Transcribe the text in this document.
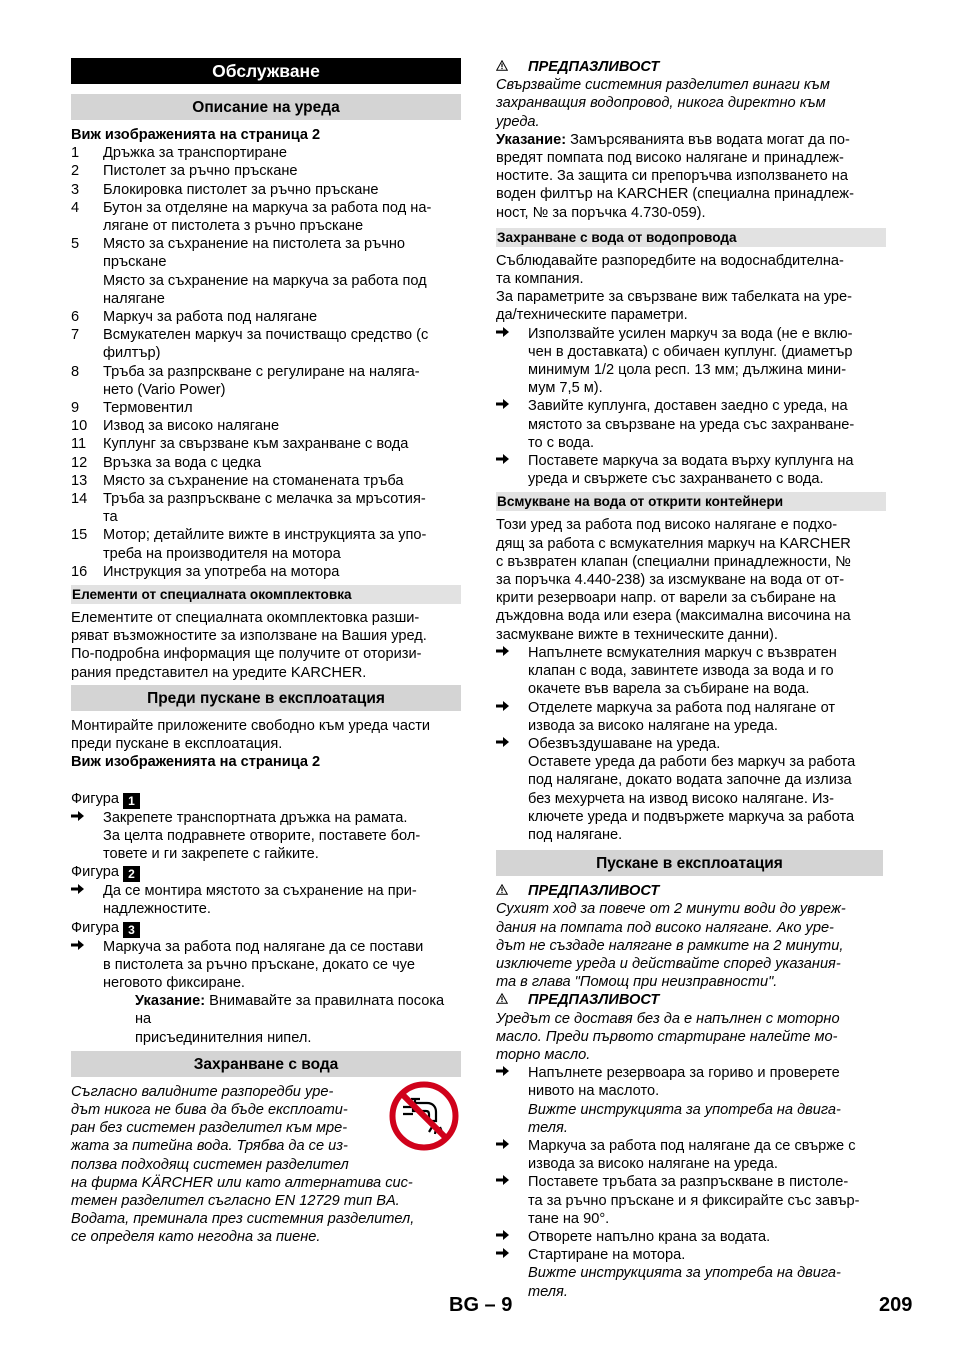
Обслужване
Описание на уреда
Виж изображенията на страница 2
1	Дръжка за транспортиране
2	Пистолет за ръчно пръскане
3	Блокировка пистолет за ръчно пръскане
4	Бутон за отделяне на маркуча за работа под на-
лягане от пистолета з ръчно пръскане
5	Място за съхранение на пистолета за ръчно
пръскане
Място за съхранение на маркуча за работа под
налягане
6	Маркуч за работа под налягане
7	Всмукателен маркуч за почистващо средство (с
филтър)
8	Тръба за разпрскване с регулиране на наляга-
нето (Vario Power)
9	Термовентил
10	Извод за високо налягане
11	Куплунг за свързване към захранване с вода
12	Връзка за вода с цедка
13	Място за съхранение на стоманената тръба
14	Тръба за разпръскване с мелачка за мръсотия-
та
15	Мотор; детайлите вижте в инструкцията за упо-
треба на производителя на мотора
16	Инструкция за употреба на мотора
Елементи от специалната окомплектовка
Елементите от специалната окомплектовка разши-
ряват възможностите за използване на Вашия уред.
По-подробна информация ще получите от оторизи-
рания представител на уредите KARCHER.
Преди пускане в експлоатация
Монтирайте приложените свободно към уреда части
преди пускане в експлоатация.
Виж изображенията на страница 2
Фигура 1
Закрепете транспортната дръжка на рамата.
За целта подравнете отворите, поставете бол-
товете и ги закрепете с гайките.
Фигура 2
Да се монтира мястото за съхранение на при-
надлежностите.
Фигура 3
Маркуча за работа под налягане да се постави
в пистолета за ръчно пръскане, докато се чуе
неговото фиксиране.
Указание: Внимавайте за правилната посока на
присъединителния нипел.
Захранване с вода
Съгласно валидните разпоредби уре-
дът никога не бива да бъде експлоати-
ран без системен разделител към мре-
жата за питейна вода. Трябва да се из-
ползва подходящ системен разделител
на фирма KÄRCHER или като алтернатива сис-
темен разделител съгласно EN 12729 тип BA.
Водата, преминала през системния разделител,
се определя като негодна за пиене.
ПРЕДПАЗЛИВОСТ
Свързвайте системния разделител винаги към
захранващия водопровод, никога директно към
уреда.
Указание: Замърсяванията във водата могат да по-
вредят помпата под високо налягане и принадлеж-
ностите. За защита си препоръчва използването на
воден филтър на KARCHER (специална принадлеж-
ност, № за поръчка 4.730-059).
Захранване с вода от водопровода
Съблюдавайте разпоредбите на водоснабдителна-
та компания.
За параметрите за свързване виж табелката на уре-
да/техническите параметри.
Използвайте усилен маркуч за вода (не е вклю-
чен в доставката) с обичаен куплунг. (диаметър
минимум 1/2 цола респ. 13 мм; дължина мини-
мум 7,5 м).
Завийте куплунга, доставен заедно с уреда, на
мястото за свързване на уреда със захранване-
то с вода.
Поставете маркуча за водата върху куплунга на
уреда и свържете със захранването с вода.
Всмукване на вода от открити контейнери
Този уред за работа под високо налягане е подхо-
дящ за работа с всмукателния маркуч на KARCHER
с възвратен клапан (специални принадлежности, №
за поръчка 4.440-238) за изсмукване на вода от от-
крити резервоари напр. от варели за събиране на
дъждовна вода или езера (максимална височина на
засмукване вижте в техническите данни).
Напълнете всмукателния маркуч с възвратен
клапан с вода, завинтете извода за вода и го
окачете във варела за събиране на вода.
Отделете маркуча за работа под налягане от
извода за високо налягане на уреда.
Обезвъздушаване на уреда.
Оставете уреда да работи без маркуч за работа
под налягане, докато водата започне да излиза
без мехурчета на извод високо налягане. Из-
ключете уреда и подвържете маркуча за работа
под налягане.
Пускане в експлоатация
ПРЕДПАЗЛИВОСТ
Сухият ход за повече от 2 минути води до увреж-
дания на помпата под високо налягане. Ако уре-
дът не създаде налягане в рамките на 2 минути,
изключете уреда и действайте според указания-
та в глава "Помощ при неизправности".
ПРЕДПАЗЛИВОСТ
Уредът се доставя без да е напълнен с моторно
масло. Преди първото стартиране налейте мо-
торно масло.
Напълнете резервоара за гориво и проверете
нивото на маслото.
Вижте инструкцията за употреба на двига-
теля.
Маркуча за работа под налягане да се свърже с
извода за високо налягане на уреда.
Поставете тръбата за разпръскване в пистоле-
та за ръчно пръскане и я фиксирайте със завър-
тане на 90°.
Отворете напълно крана за водата.
Стартиране на мотора.
Вижте инструкцията за употреба на двига-
теля.
BG – 9	209
